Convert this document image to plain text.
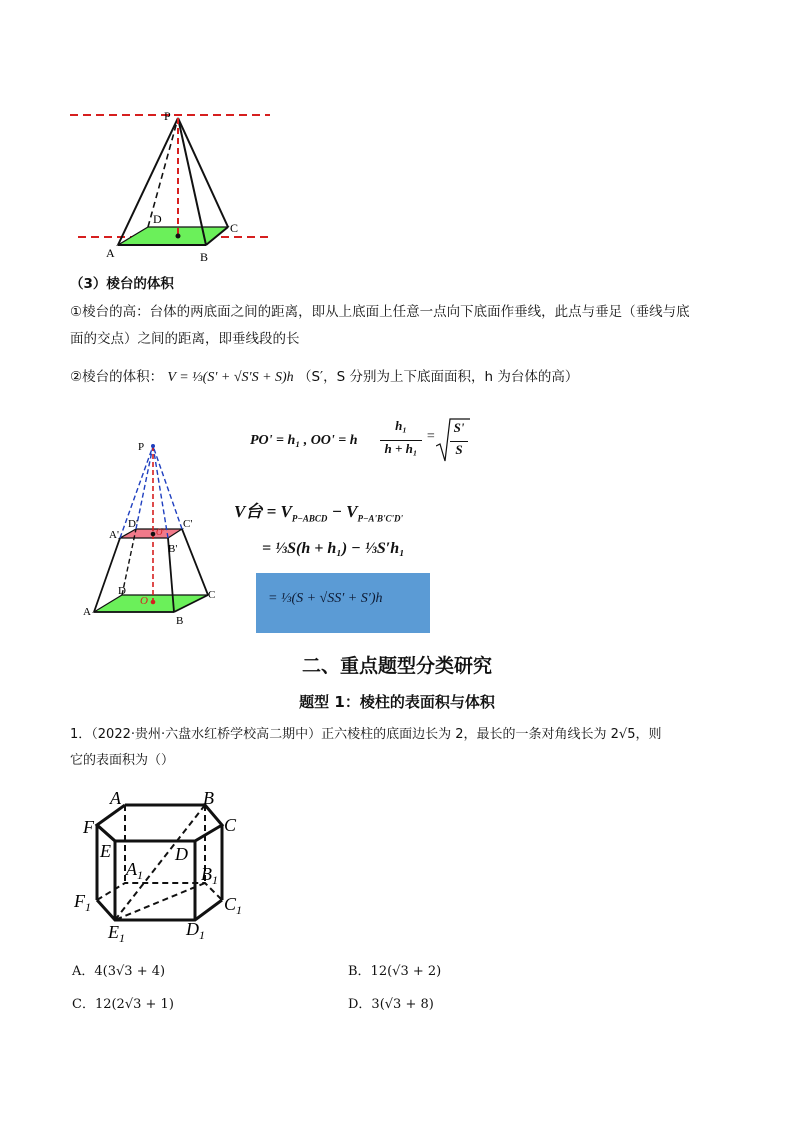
P
A	B
C
D
（3）棱台的体积
①棱台的高：台体的两底面之间的距离，即从上底面上任意一点向下底面作垂线，此点与垂足（垂线与底
面的交点）之间的距离，即垂线段的长
②棱台的体积： V = ⅓(S′ + √S′S + S)h （S′，S 分别为上下底面面积，h 为台体的高）
P
A
B
C
D
O
A'
B'
C'
D'
O'
PO' = h₁ , OO' = h
h₁
h + h₁
=
S'
S
V台 = $V_{P-ABCD} - V_{P-A'B'C'D'}$
= ⅓S(h + h₁) − ⅓S′h₁
= ⅓(S + √SS′ + S′)h
二、重点题型分类研究
题型 1：棱柱的表面积与体积
1．（2022·贵州·六盘水红桥学校高二期中）正六棱柱的底面边长为 2，最长的一条对角线长为 2√5，则
它的表面积为（）
A	B
C
D
E
F
$A_1$	$B_1$
$C_1$
$D_1$
$E_1$
$F_1$
A．4(3√3 + 4)	B．12(√3 + 2)
C．12(2√3 + 1)	D．3(√3 + 8)
